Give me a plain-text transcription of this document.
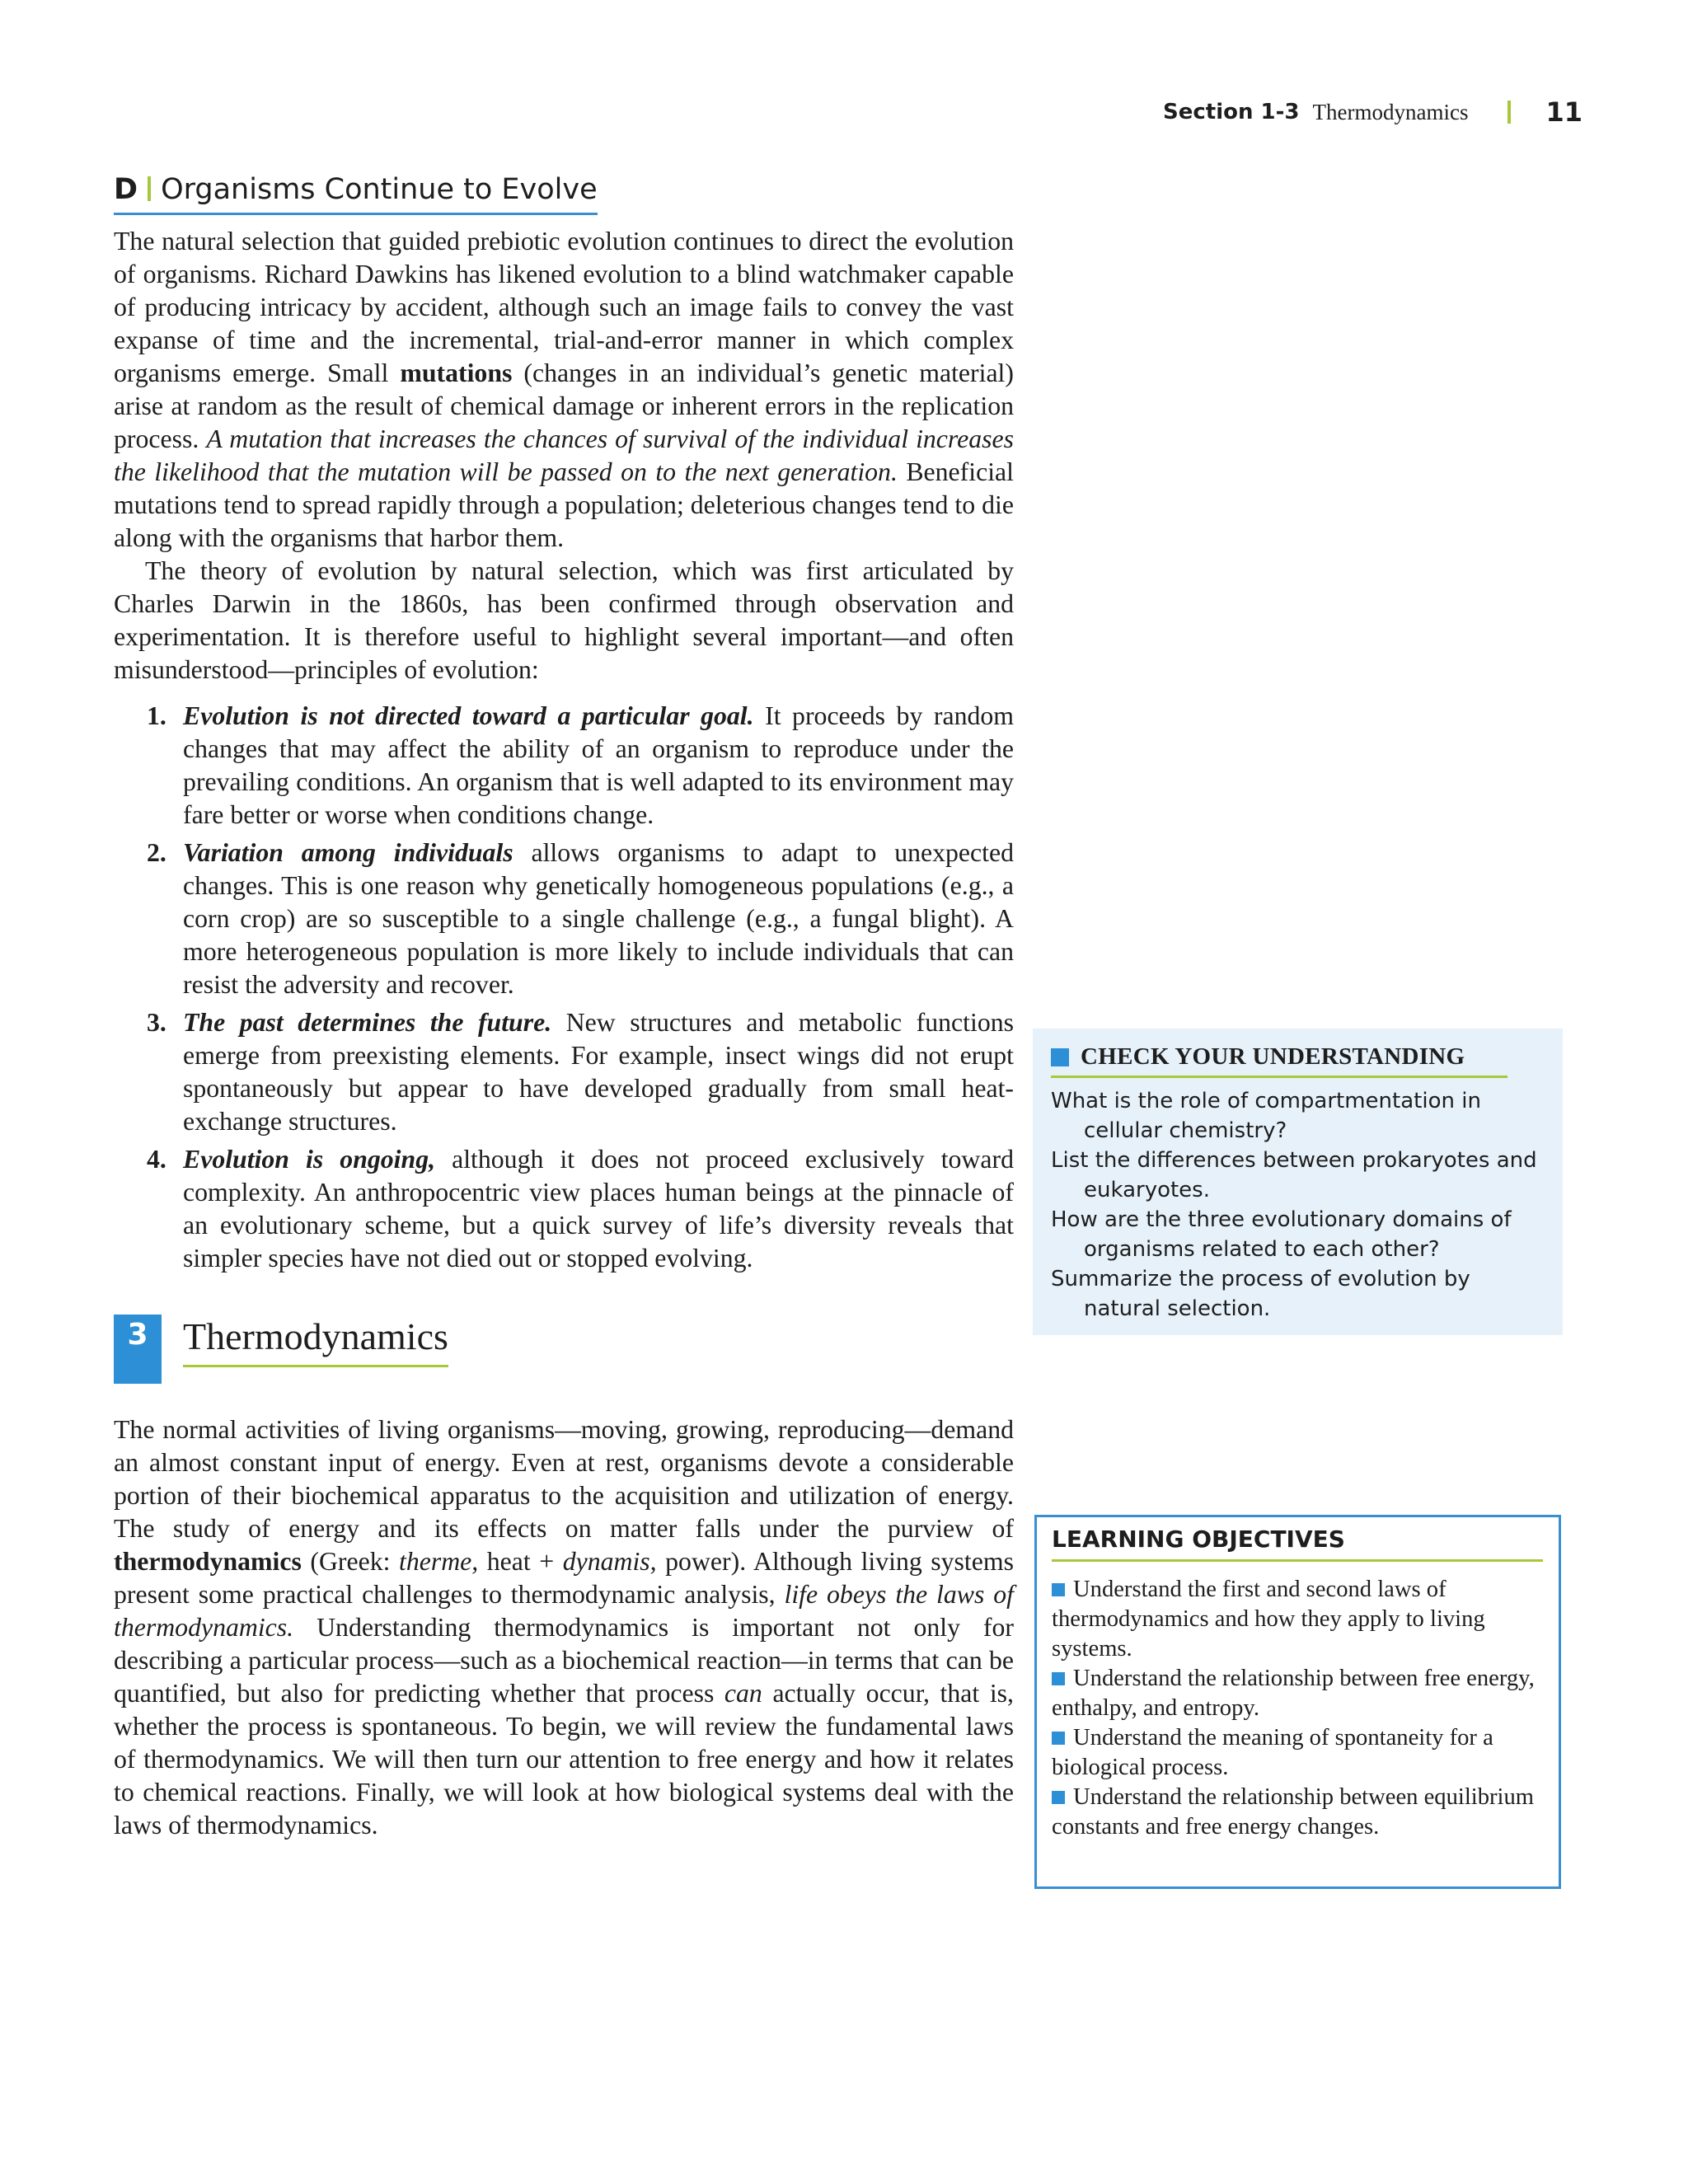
Section 1-3 Thermodynamics	11
D Organisms Continue to Evolve

The natural selection that guided prebiotic evolution continues to direct the evolution of organisms. Richard Dawkins has likened evolution to a blind watchmaker capable of producing intricacy by accident, although such an image fails to convey the vast expanse of time and the incremental, trial-and-error manner in which complex organisms emerge. Small mutations (changes in an individual’s genetic material) arise at random as the result of chemical damage or inherent errors in the replication process. A mutation that increases the chances of survival of the individual increases the likelihood that the mutation will be passed on to the next generation. Beneficial mutations tend to spread rapidly through a population; deleterious changes tend to die along with the organisms that harbor them.

The theory of evolution by natural selection, which was first articulated by Charles Darwin in the 1860s, has been confirmed through observation and experimentation. It is therefore useful to highlight several important—and often misunderstood—principles of evolution:

1. Evolution is not directed toward a particular goal. It proceeds by random changes that may affect the ability of an organism to reproduce under the prevailing conditions. An organism that is well adapted to its environment may fare better or worse when conditions change.
2. Variation among individuals allows organisms to adapt to unexpected changes. This is one reason why genetically homogeneous populations (e.g., a corn crop) are so susceptible to a single challenge (e.g., a fungal blight). A more heterogeneous population is more likely to include individuals that can resist the adversity and recover.
3. The past determines the future. New structures and metabolic functions emerge from preexisting elements. For example, insect wings did not erupt spontaneously but appear to have developed gradually from small heat-exchange structures.
4. Evolution is ongoing, although it does not proceed exclusively toward complexity. An anthropocentric view places human beings at the pinnacle of an evolutionary scheme, but a quick survey of life’s diversity reveals that simpler species have not died out or stopped evolving.
3 Thermodynamics

The normal activities of living organisms—moving, growing, reproducing—demand an almost constant input of energy. Even at rest, organisms devote a considerable portion of their biochemical apparatus to the acquisition and utilization of energy. The study of energy and its effects on matter falls under the purview of thermodynamics (Greek: therme, heat + dynamis, power). Although living systems present some practical challenges to thermodynamic analysis, life obeys the laws of thermodynamics. Understanding thermodynamics is important not only for describing a particular process—such as a biochemical reaction—in terms that can be quantified, but also for predicting whether that process can actually occur, that is, whether the process is spontaneous. To begin, we will review the fundamental laws of thermodynamics. We will then turn our attention to free energy and how it relates to chemical reactions. Finally, we will look at how biological systems deal with the laws of thermodynamics.

CHECK YOUR UNDERSTANDING
What is the role of compartmentation in cellular chemistry?
List the differences between prokaryotes and eukaryotes.
How are the three evolutionary domains of organisms related to each other?
Summarize the process of evolution by natural selection.
LEARNING OBJECTIVES
Understand the first and second laws of thermodynamics and how they apply to living systems.
Understand the relationship between free energy, enthalpy, and entropy.
Understand the meaning of spontaneity for a biological process.
Understand the relationship between equilibrium constants and free energy changes.
